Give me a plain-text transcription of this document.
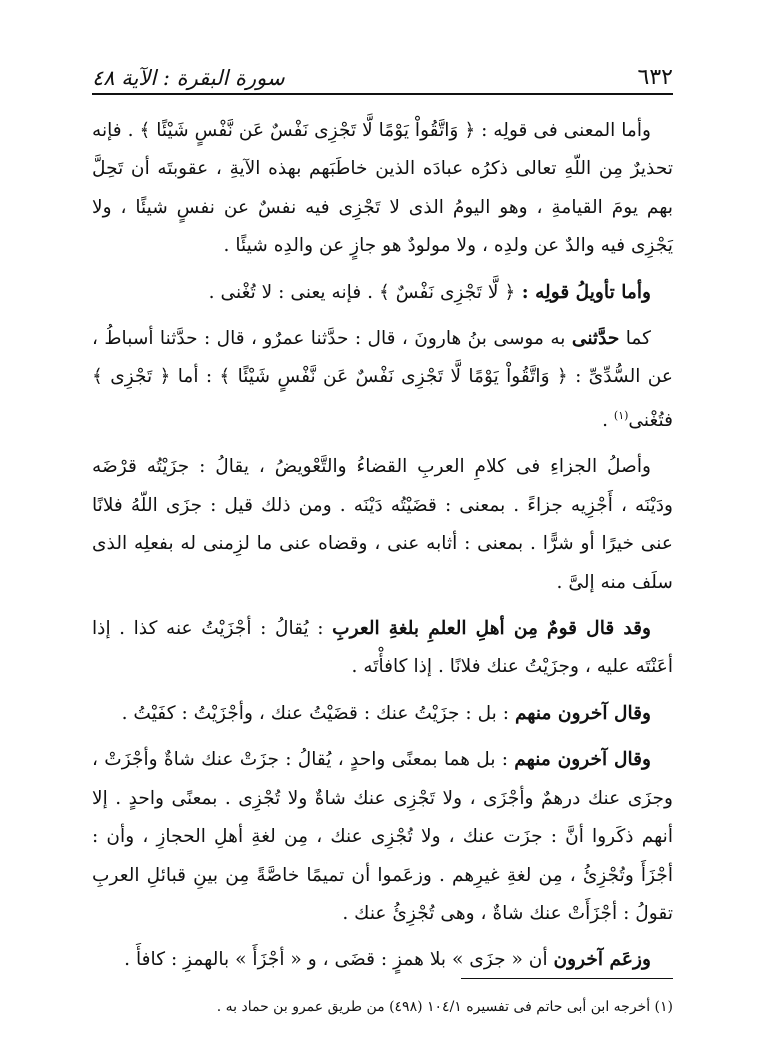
٦٣٢
سورة البقرة : الآية ٤٨

وأما المعنى فى قولِه : ﴿ وَاتَّقُواْ يَوْمًا لَّا تَجْزِى نَفْسٌ عَن نَّفْسٍ شَيْئًا ﴾ . فإنه تحذيرٌ مِن اللّهِ تعالى ذكرُه عبادَه الذين خاطَبَهم بهذه الآيةِ ، عقوبتَه أن تَحِلَّ بهم يومَ القيامةِ ، وهو اليومُ الذى لا تَجْزِى فيه نفسٌ عن نفسٍ شيئًا ، ولا يَجْزِى فيه والدٌ عن ولدِه ، ولا مولودٌ هو جازٍ عن والدِه شيئًا .

وأما تأويلُ قولِه : ﴿ لَّا تَجْزِى نَفْسٌ ﴾ . فإنه يعنى : لا تُغْنى .

كما حدَّثنى به موسى بنُ هارونَ ، قال : حدَّثنا عمرٌو ، قال : حدَّثنا أسباطُ ، عن السُّدِّىِّ : ﴿ وَاتَّقُواْ يَوْمًا لَّا تَجْزِى نَفْسٌ عَن نَّفْسٍ شَيْئًا ﴾ : أما ﴿ تَجْزِى ﴾ فتُغْنى$^{(١)}$ .

وأصلُ الجزاءِ فى كلامِ العربِ القضاءُ والتَّعْويضُ ، يقالُ : جزَيْتُه قرْضَه ودَيْنَه ، أَجْزِيه جزاءً . بمعنى : قضَيْتُه دَيْنَه . ومن ذلك قيل : جزَى اللّهُ فلانًا عنى خيرًا أو شرًّا . بمعنى : أثابه عنى ، وقضاه عنى ما لزِمنى له بفعلِه الذى سلَف منه إلىَّ .

وقد قال قومٌ مِن أهلِ العلمِ بلغةِ العربِ : يُقالُ : أجْزَيْتُ عنه كذا . إذا أعَنْتَه عليه ، وجزَيْتُ عنك فلانًا . إذا كافأْتَه .

وقال آخرون منهم : بل : جزَيْتُ عنك : قضَيْتُ عنك ، وأجْزَيْتُ : كفَيْتُ .

وقال آخرون منهم : بل هما بمعنًى واحدٍ ، يُقالُ : جزَتْ عنك شاةٌ وأجْزَتْ ، وجزَى عنك درهمٌ وأجْزَى ، ولا تَجْزِى عنك شاةٌ ولا تُجْزِى . بمعنًى واحدٍ . إلا أنهم ذكَروا أنَّ : جزَت عنك ، ولا تُجْزِى عنك ، مِن لغةِ أهلِ الحجازِ ، وأن : أجْزَأَ وتُجْزِئُ ، مِن لغةِ غيرِهم . وزعَموا أن تميمًا خاصَّةً مِن بينِ قبائلِ العربِ تقولُ : أجْزَأَتْ عنك شاةٌ ، وهى تُجْزِئُ عنك .

وزعَم آخرون أن « جزَى » بلا همزٍ : قضَى ، و « أجْزَأَ » بالهمزِ : كافأَ .

(١) أخرجه ابن أبى حاتم فى تفسيره ١٠٤/١ (٤٩٨) من طريق عمرو بن حماد به .
